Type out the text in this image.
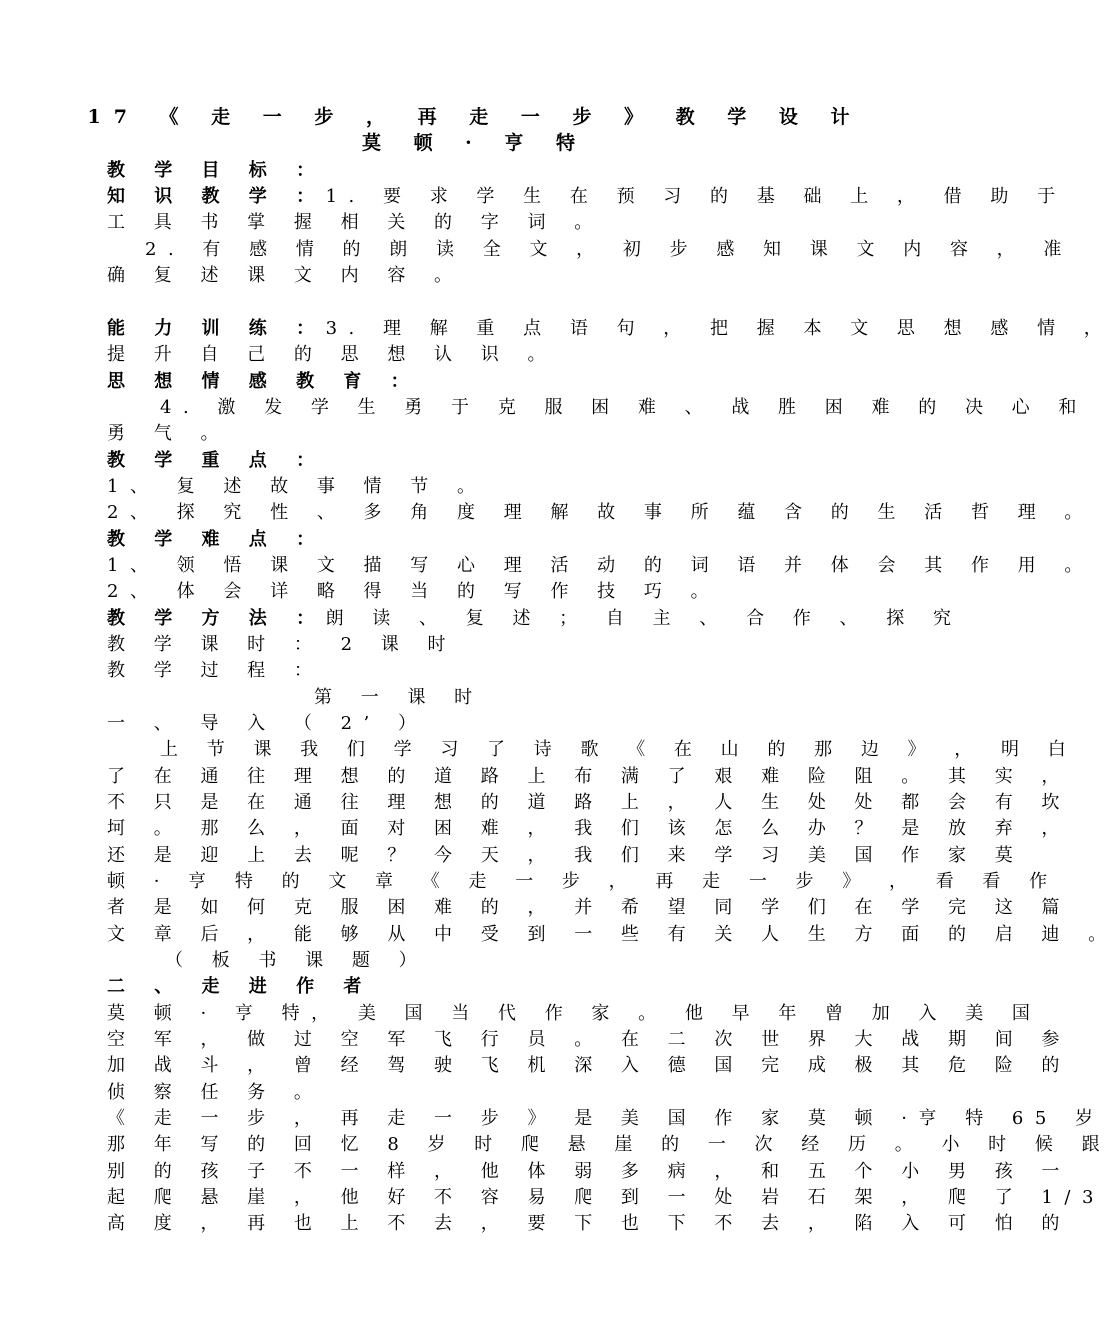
17 《 走 一 步 ， 再 走 一 步 》 教 学 设 计
莫 顿 · 亨 特
教 学 目 标 ：
知 识 教 学 ：1. 要 求 学 生 在 预 习 的 基 础 上 ， 借 助 于
工 具 书 掌 握 相 关 的 字 词 。
2. 有 感 情 的 朗 读 全 文 ， 初 步 感 知 课 文 内 容 ， 准
确 复 述 课 文 内 容 。
能 力 训 练 ：3. 理 解 重 点 语 句 ， 把 握 本 文 思 想 感 情 ，
提 升 自 己 的 思 想 认 识 。
思 想 情 感 教 育 ：
4. 激 发 学 生 勇 于 克 服 困 难 、 战 胜 困 难 的 决 心 和
勇 气 。
教 学 重 点 ：
1、 复 述 故 事 情 节 。
2、 探 究 性 、 多 角 度 理 解 故 事 所 蕴 含 的 生 活 哲 理 。
教 学 难 点 ：
1、 领 悟 课 文 描 写 心 理 活 动 的 词 语 并 体 会 其 作 用 。
2、 体 会 详 略 得 当 的 写 作 技 巧 。
教 学 方 法 ：朗 读 、 复 述 ； 自 主 、 合 作 、 探 究
教 学 课 时 ： 2 课 时
教 学 过 程 ：
第 一 课 时
一 、 导 入 （ 2’ ）
上 节 课 我 们 学 习 了 诗 歌 《 在 山 的 那 边 》 ， 明 白
了 在 通 往 理 想 的 道 路 上 布 满 了 艰 难 险 阻 。 其 实 ，
不 只 是 在 通 往 理 想 的 道 路 上 ， 人 生 处 处 都 会 有 坎
坷 。 那 么 ， 面 对 困 难 ， 我 们 该 怎 么 办 ？ 是 放 弃 ，
还 是 迎 上 去 呢 ？ 今 天 ， 我 们 来 学 习 美 国 作 家 莫
顿 · 亨 特 的 文 章 《 走 一 步 ， 再 走 一 步 》 ， 看 看 作
者 是 如 何 克 服 困 难 的 ， 并 希 望 同 学 们 在 学 完 这 篇
文 章 后 ， 能 够 从 中 受 到 一 些 有 关 人 生 方 面 的 启 迪 。
（ 板 书 课 题 ）
二 、 走 进 作 者
莫 顿 · 亨 特， 美 国 当 代 作 家 。 他 早 年 曾 加 入 美 国
空 军 ， 做 过 空 军 飞 行 员 。 在 二 次 世 界 大 战 期 间 参
加 战 斗 ， 曾 经 驾 驶 飞 机 深 入 德 国 完 成 极 其 危 险 的
侦 察 任 务 。
《 走 一 步 ， 再 走 一 步 》 是 美 国 作 家 莫 顿 ·亨 特 65 岁
那 年 写 的 回 忆 8 岁 时 爬 悬 崖 的 一 次 经 历 。 小 时 候 跟
别 的 孩 子 不 一 样 ， 他 体 弱 多 病 ， 和 五 个 小 男 孩 一
起 爬 悬 崖 ， 他 好 不 容 易 爬 到 一 处 岩 石 架 ， 爬 了 1/3
高 度 ， 再 也 上 不 去 ， 要 下 也 下 不 去 ， 陷 入 可 怕 的
